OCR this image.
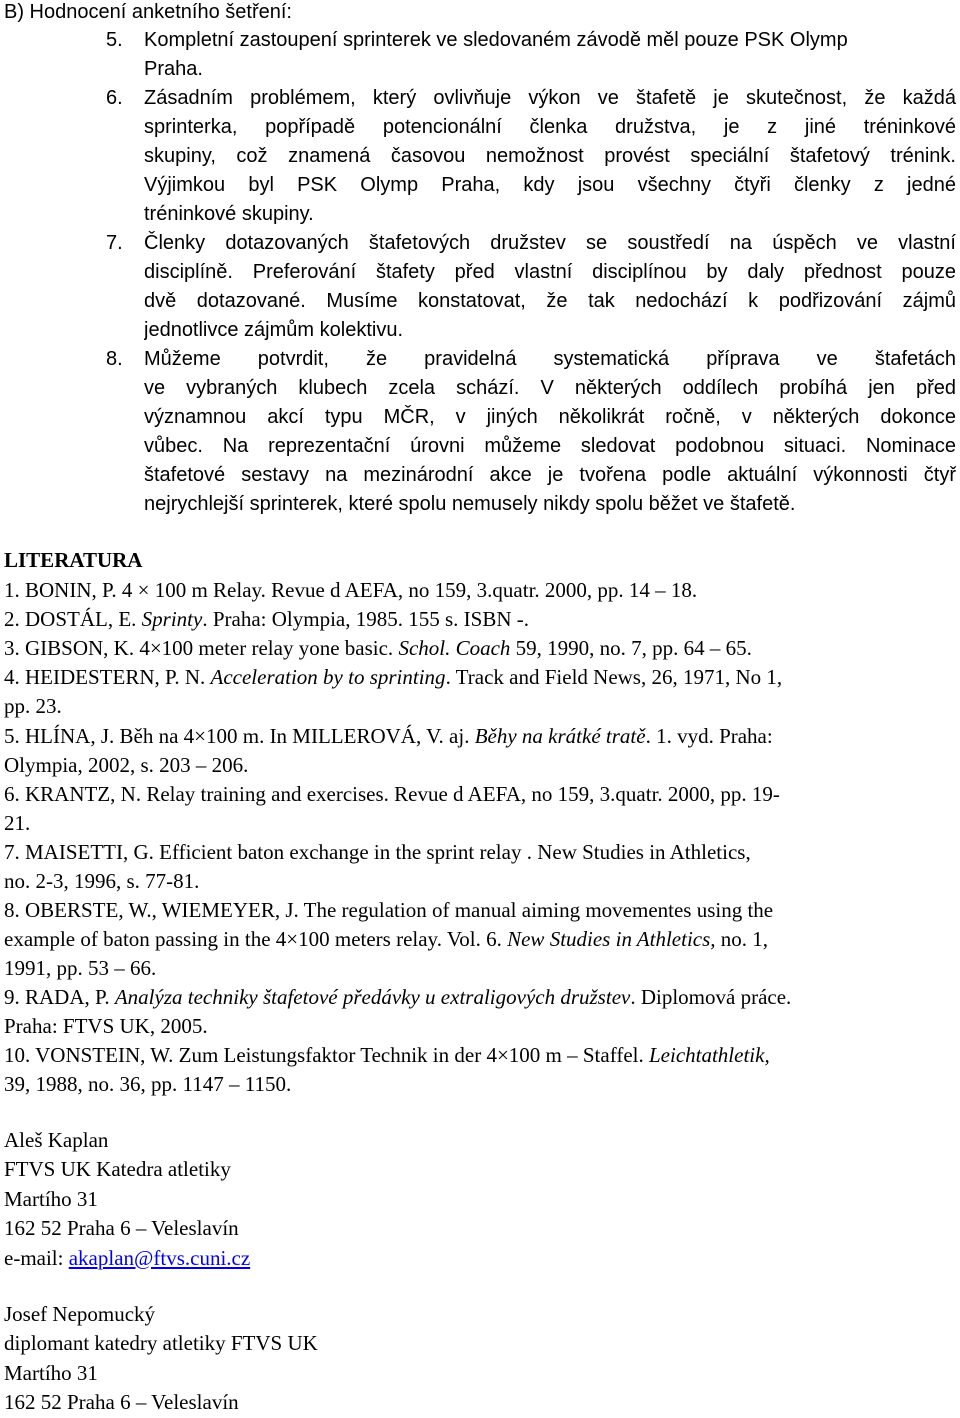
B) Hodnocení anketního šetření:
5. Kompletní zastoupení sprinterek ve sledovaném závodě měl pouze PSK Olymp
Praha.
6. Zásadním problémem, který ovlivňuje výkon ve štafetě je skutečnost, že každá
sprinterka, popřípadě potencionální členka družstva, je z jiné tréninkové
skupiny, což znamená časovou nemožnost provést speciální štafetový trénink.
Výjimkou byl PSK Olymp Praha, kdy jsou všechny čtyři členky z jedné
tréninkové skupiny.
7. Členky dotazovaných štafetových družstev se soustředí na úspěch ve vlastní
disciplíně. Preferování štafety před vlastní disciplínou by daly přednost pouze
dvě dotazované. Musíme konstatovat, že tak nedochází k podřizování zájmů
jednotlivce zájmům kolektivu.
8. Můžeme potvrdit, že pravidelná systematická příprava ve štafetách
ve vybraných klubech zcela schází. V některých oddílech probíhá jen před
významnou akcí typu MČR, v jiných několikrát ročně, v některých dokonce
vůbec. Na reprezentační úrovni můžeme sledovat podobnou situaci. Nominace
štafetové sestavy na mezinárodní akce je tvořena podle aktuální výkonnosti čtyř
nejrychlejší sprinterek, které spolu nemusely nikdy spolu běžet ve štafetě.
LITERATURA
1. BONIN, P. 4 × 100 m Relay. Revue d AEFA, no 159, 3.quatr. 2000, pp. 14 – 18.
2. DOSTÁL, E. Sprinty. Praha: Olympia, 1985. 155 s. ISBN -.
3. GIBSON, K. 4×100 meter relay yone basic. Schol. Coach 59, 1990, no. 7, pp. 64 – 65.
4. HEIDESTERN, P. N. Acceleration by to sprinting. Track and Field News, 26, 1971, No 1,
pp. 23.
5. HLÍNA, J. Běh na 4×100 m. In MILLEROVÁ, V. aj. Běhy na krátké tratě. 1. vyd. Praha:
Olympia, 2002, s. 203 – 206.
6. KRANTZ, N. Relay training and exercises. Revue d AEFA, no 159, 3.quatr. 2000, pp. 19-
21.
7. MAISETTI, G. Efficient baton exchange in the sprint relay . New Studies in Athletics,
no. 2-3, 1996, s. 77-81.
8. OBERSTE, W., WIEMEYER, J. The regulation of manual aiming movementes using the
example of baton passing in the 4×100 meters relay. Vol. 6. New Studies in Athletics, no. 1,
1991, pp. 53 – 66.
9. RADA, P. Analýza techniky štafetové předávky u extraligových družstev. Diplomová práce.
Praha: FTVS UK, 2005.
10. VONSTEIN, W. Zum Leistungsfaktor Technik in der 4×100 m – Staffel. Leichtathletik,
39, 1988, no. 36, pp. 1147 – 1150.
Aleš Kaplan
FTVS UK Katedra atletiky
Martího 31
162 52 Praha 6 – Veleslavín
e-mail: akaplan@ftvs.cuni.cz
Josef Nepomucký
diplomant katedry atletiky FTVS UK
Martího 31
162 52 Praha 6 – Veleslavín
